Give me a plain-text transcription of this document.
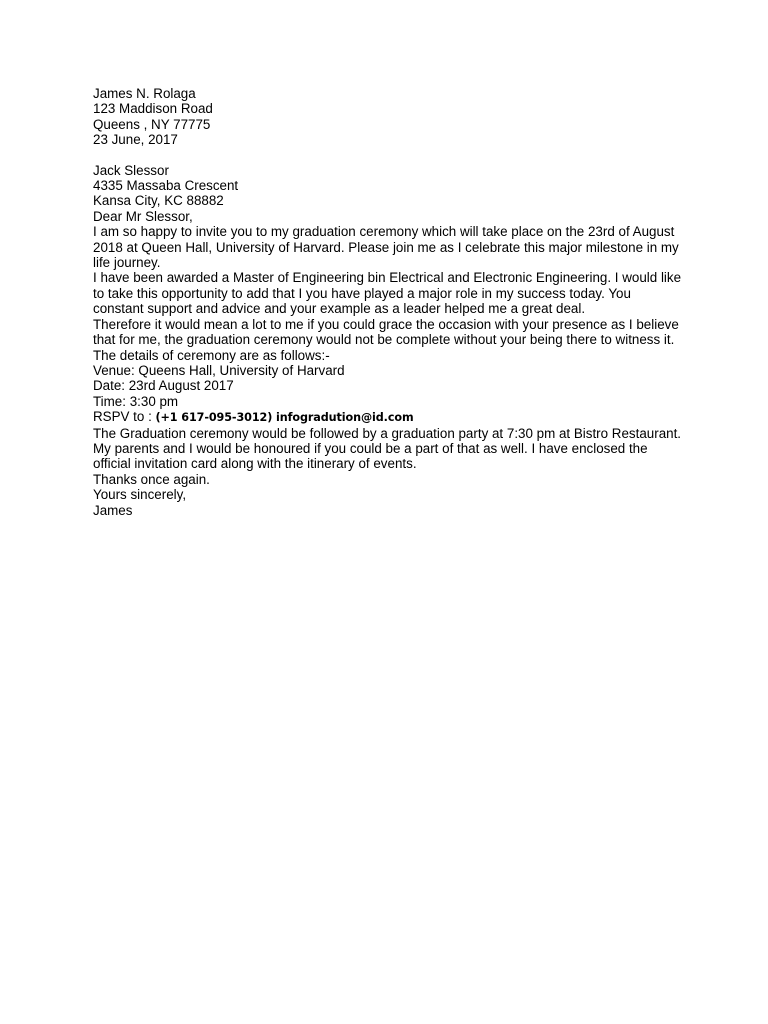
James N. Rolaga

123 Maddison Road

Queens , NY 77775

23 June, 2017

Jack Slessor

4335 Massaba Crescent

Kansa City, KC 88882

Dear Mr Slessor,

I am so happy to invite you to my graduation ceremony which will take place on the 23rd of August 2018 at Queen Hall, University of Harvard. Please join me as I celebrate this major milestone in my life journey.

I have been awarded a Master of Engineering bin Electrical and Electronic Engineering. I would like to take this opportunity to add that I you have played a major role in my success today. You constant support and advice and your example as a leader helped me a great deal.

Therefore it would mean a lot to me if you could grace the occasion with your presence as I believe that for me, the graduation ceremony would not be complete without your being there to witness it.

The details of ceremony are as follows:-

Venue: Queens Hall, University of Harvard

Date: 23rd August 2017

Time: 3:30 pm

RSPV to : (+1 617-095-3012) infogradution@id.com

The Graduation ceremony would be followed by a graduation party at 7:30 pm at Bistro Restaurant. My parents and I would be honoured if you could be a part of that as well. I have enclosed the official invitation card along with the itinerary of events.

Thanks once again.

Yours sincerely,

James
